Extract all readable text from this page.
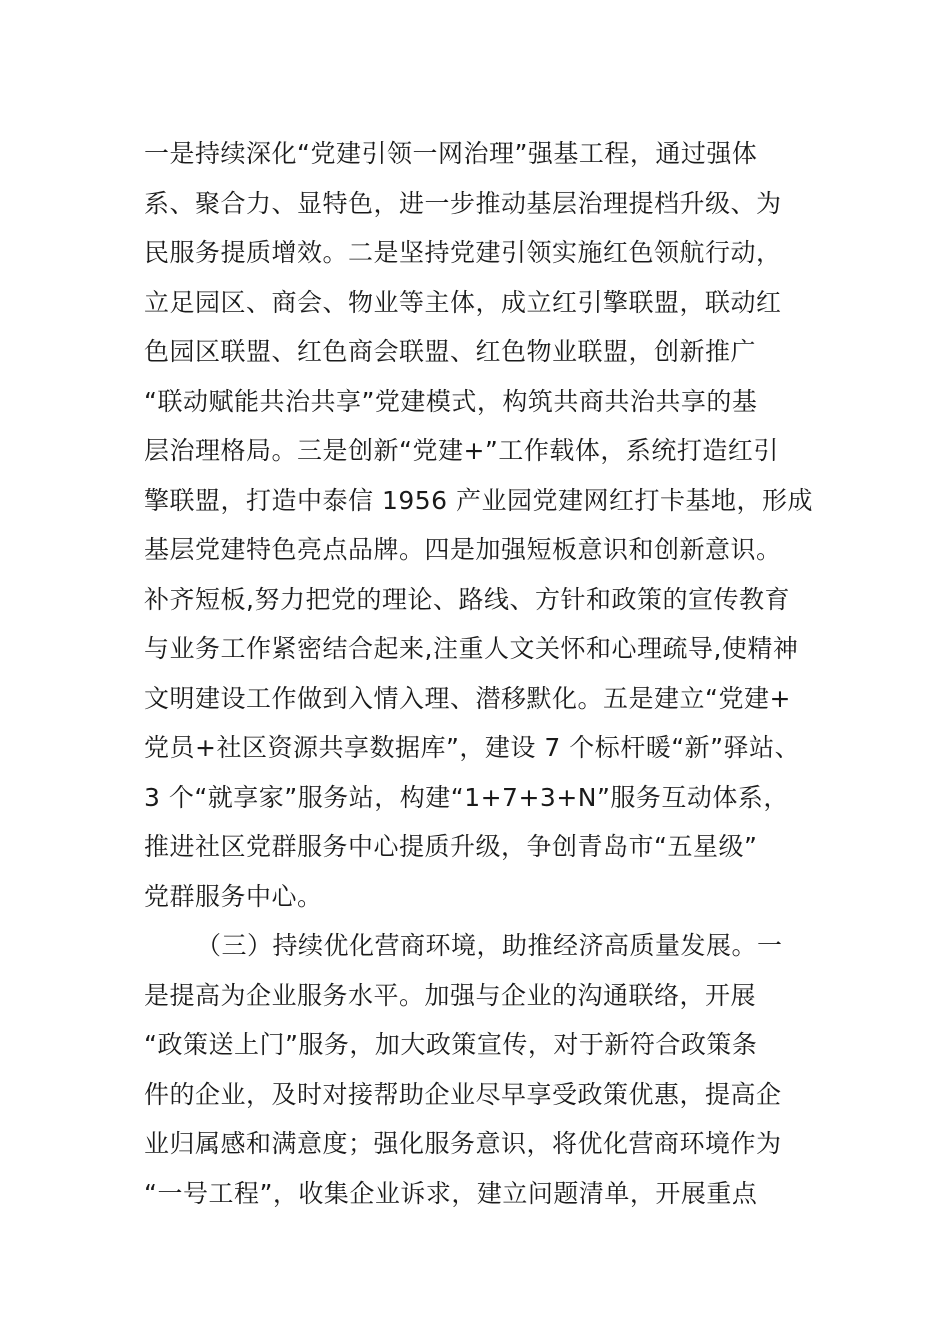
一是持续深化“党建引领一网治理”强基工程，通过强体
系、聚合力、显特色，进一步推动基层治理提档升级、为
民服务提质增效。二是坚持党建引领实施红色领航行动，
立足园区、商会、物业等主体，成立红引擎联盟，联动红
色园区联盟、红色商会联盟、红色物业联盟，创新推广
“联动赋能共治共享”党建模式，构筑共商共治共享的基
层治理格局。三是创新“党建+”工作载体，系统打造红引
擎联盟，打造中泰信 1956 产业园党建网红打卡基地，形成
基层党建特色亮点品牌。四是加强短板意识和创新意识。
补齐短板,努力把党的理论、路线、方针和政策的宣传教育
与业务工作紧密结合起来,注重人文关怀和心理疏导,使精神
文明建设工作做到入情入理、潜移默化。五是建立“党建+
党员+社区资源共享数据库”，建设 7 个标杆暖“新”驿站、
3 个“就享家”服务站，构建“1+7+3+N”服务互动体系，
推进社区党群服务中心提质升级，争创青岛市“五星级”
党群服务中心。
（三）持续优化营商环境，助推经济高质量发展。一
是提高为企业服务水平。加强与企业的沟通联络，开展
“政策送上门”服务，加大政策宣传，对于新符合政策条
件的企业，及时对接帮助企业尽早享受政策优惠，提高企
业归属感和满意度；强化服务意识，将优化营商环境作为
“一号工程”，收集企业诉求，建立问题清单，开展重点
